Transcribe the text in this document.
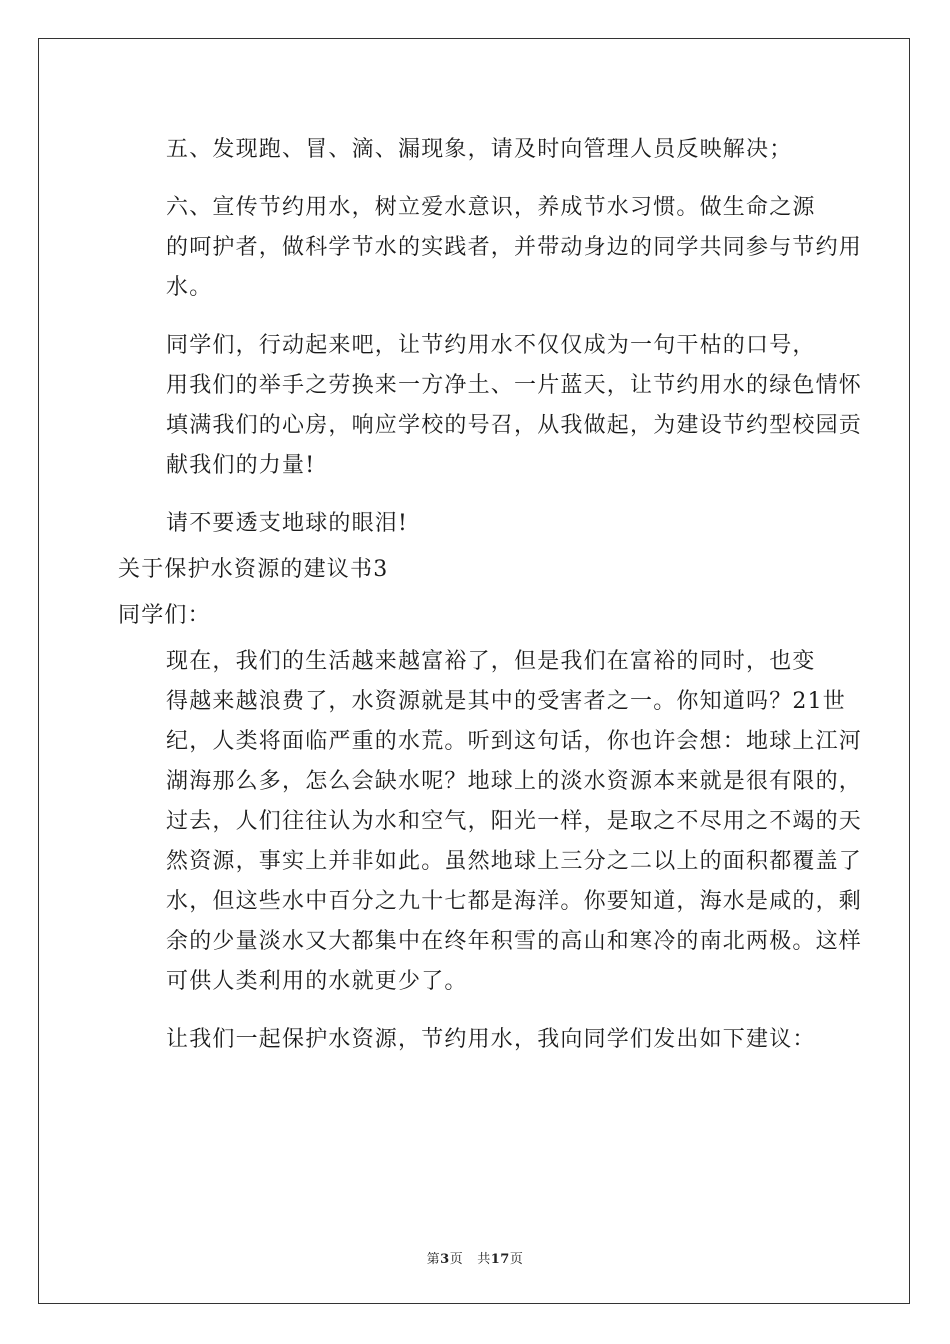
五、发现跑、冒、滴、漏现象，请及时向管理人员反映解决；

六、宣传节约用水，树立爱水意识，养成节水习惯。做生命之源
的呵护者，做科学节水的实践者，并带动身边的同学共同参与节约用
水。

同学们，行动起来吧，让节约用水不仅仅成为一句干枯的口号，
用我们的举手之劳换来一方净土、一片蓝天，让节约用水的绿色情怀
填满我们的心房，响应学校的号召，从我做起，为建设节约型校园贡
献我们的力量!

请不要透支地球的眼泪!

关于保护水资源的建议书3

同学们：

现在，我们的生活越来越富裕了，但是我们在富裕的同时，也变
得越来越浪费了，水资源就是其中的受害者之一。你知道吗？21世
纪，人类将面临严重的水荒。听到这句话，你也许会想：地球上江河
湖海那么多，怎么会缺水呢？地球上的淡水资源本来就是很有限的，
过去，人们往往认为水和空气，阳光一样，是取之不尽用之不竭的天
然资源，事实上并非如此。虽然地球上三分之二以上的面积都覆盖了
水，但这些水中百分之九十七都是海洋。你要知道，海水是咸的，剩
余的少量淡水又大都集中在终年积雪的高山和寒冷的南北两极。这样
可供人类利用的水就更少了。

让我们一起保护水资源，节约用水，我向同学们发出如下建议：

第3页 共17页
